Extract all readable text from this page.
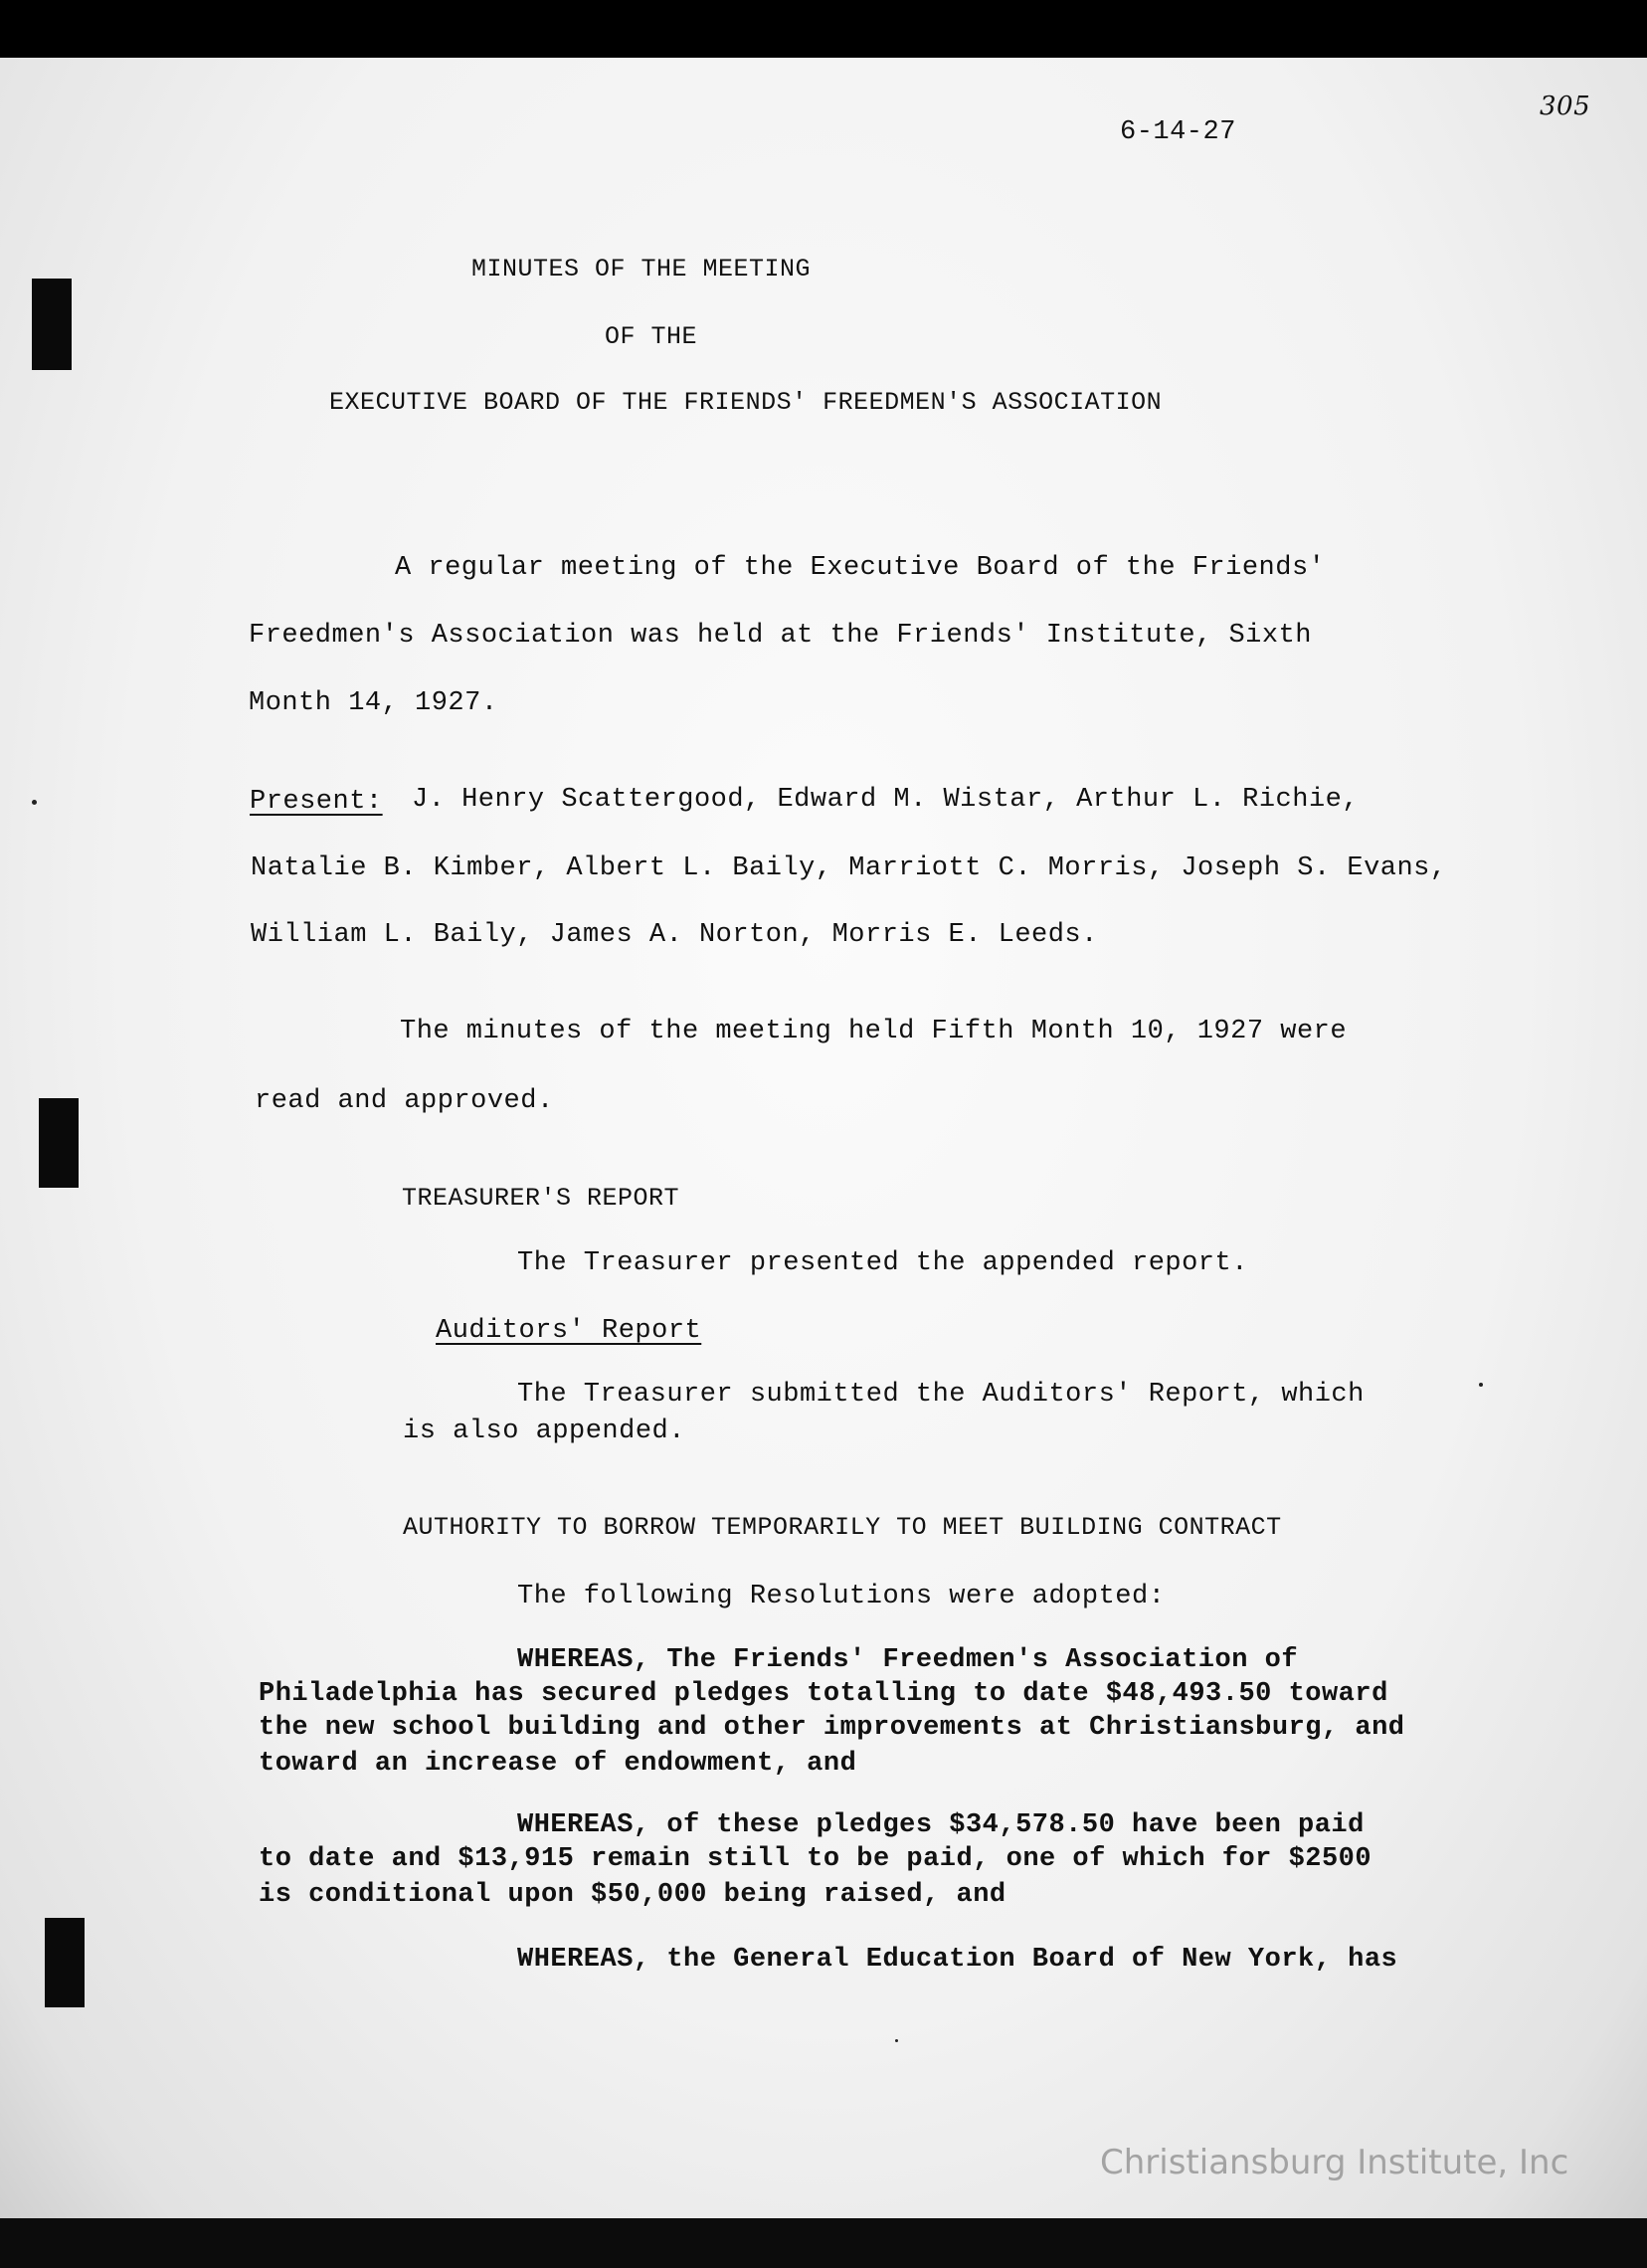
305
6-14-27
MINUTES OF THE MEETING
OF THE
EXECUTIVE BOARD OF THE FRIENDS' FREEDMEN'S ASSOCIATION
A regular meeting of the Executive Board of the Friends'
Freedmen's Association was held at the Friends' Institute, Sixth
Month 14, 1927.
Present: J. Henry Scattergood, Edward M. Wistar, Arthur L. Richie,
Natalie B. Kimber, Albert L. Baily, Marriott C. Morris, Joseph S. Evans,
William L. Baily, James A. Norton, Morris E. Leeds.
The minutes of the meeting held Fifth Month 10, 1927 were
read and approved.
TREASURER'S REPORT
The Treasurer presented the appended report.
Auditors' Report
The Treasurer submitted the Auditors' Report, which
is also appended.
AUTHORITY TO BORROW TEMPORARILY TO MEET BUILDING CONTRACT
The following Resolutions were adopted:
WHEREAS, The Friends' Freedmen's Association of
Philadelphia has secured pledges totalling to date $48,493.50 toward
the new school building and other improvements at Christiansburg, and
toward an increase of endowment, and
WHEREAS, of these pledges $34,578.50 have been paid
to date and $13,915 remain still to be paid, one of which for $2500
is conditional upon $50,000 being raised, and
WHEREAS, the General Education Board of New York, has
Christiansburg Institute, Inc
